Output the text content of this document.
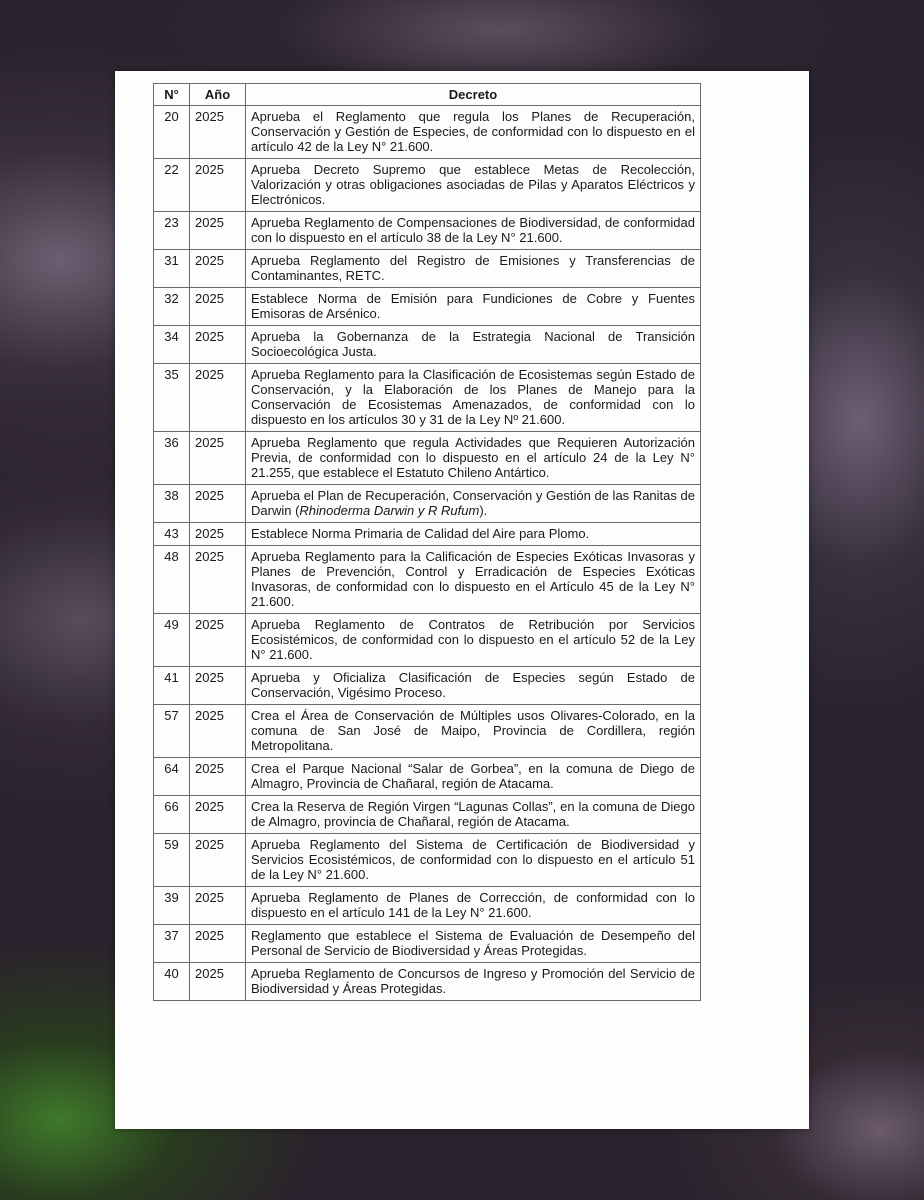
N°	Año	Decreto
20	2025	Aprueba el Reglamento que regula los Planes de Recuperación, Conservación y Gestión de Especies, de conformidad con lo dispuesto en el artículo 42 de la Ley N° 21.600.
22	2025	Aprueba Decreto Supremo que establece Metas de Recolección, Valorización y otras obligaciones asociadas de Pilas y Aparatos Eléctricos y Electrónicos.
23	2025	Aprueba Reglamento de Compensaciones de Biodiversidad, de conformidad con lo dispuesto en el artículo 38 de la Ley N° 21.600.
31	2025	Aprueba Reglamento del Registro de Emisiones y Transferencias de Contaminantes, RETC.
32	2025	Establece Norma de Emisión para Fundiciones de Cobre y Fuentes Emisoras de Arsénico.
34	2025	Aprueba la Gobernanza de la Estrategia Nacional de Transición Socioecológica Justa.
35	2025	Aprueba Reglamento para la Clasificación de Ecosistemas según Estado de Conservación, y la Elaboración de los Planes de Manejo para la Conservación de Ecosistemas Amenazados, de conformidad con lo dispuesto en los artículos 30 y 31 de la Ley Nº 21.600.
36	2025	Aprueba Reglamento que regula Actividades que Requieren Autorización Previa, de conformidad con lo dispuesto en el artículo 24 de la Ley N° 21.255, que establece el Estatuto Chileno Antártico.
38	2025	Aprueba el Plan de Recuperación, Conservación y Gestión de las Ranitas de Darwin (Rhinoderma Darwin y R Rufum).
43	2025	Establece Norma Primaria de Calidad del Aire para Plomo.
48	2025	Aprueba Reglamento para la Calificación de Especies Exóticas Invasoras y Planes de Prevención, Control y Erradicación de Especies Exóticas Invasoras, de conformidad con lo dispuesto en el Artículo 45 de la Ley N° 21.600.
49	2025	Aprueba Reglamento de Contratos de Retribución por Servicios Ecosistémicos, de conformidad con lo dispuesto en el artículo 52 de la Ley N° 21.600.
41	2025	Aprueba y Oficializa Clasificación de Especies según Estado de Conservación, Vigésimo Proceso.
57	2025	Crea el Área de Conservación de Múltiples usos Olivares-Colorado, en la comuna de San José de Maipo, Provincia de Cordillera, región Metropolitana.
64	2025	Crea el Parque Nacional “Salar de Gorbea”, en la comuna de Diego de Almagro, Provincia de Chañaral, región de Atacama.
66	2025	Crea la Reserva de Región Virgen “Lagunas Collas”, en la comuna de Diego de Almagro, provincia de Chañaral, región de Atacama.
59	2025	Aprueba Reglamento del Sistema de Certificación de Biodiversidad y Servicios Ecosistémicos, de conformidad con lo dispuesto en el artículo 51 de la Ley N° 21.600.
39	2025	Aprueba Reglamento de Planes de Corrección, de conformidad con lo dispuesto en el artículo 141 de la Ley N° 21.600.
37	2025	Reglamento que establece el Sistema de Evaluación de Desempeño del Personal de Servicio de Biodiversidad y Áreas Protegidas.
40	2025	Aprueba Reglamento de Concursos de Ingreso y Promoción del Servicio de Biodiversidad y Áreas Protegidas.
